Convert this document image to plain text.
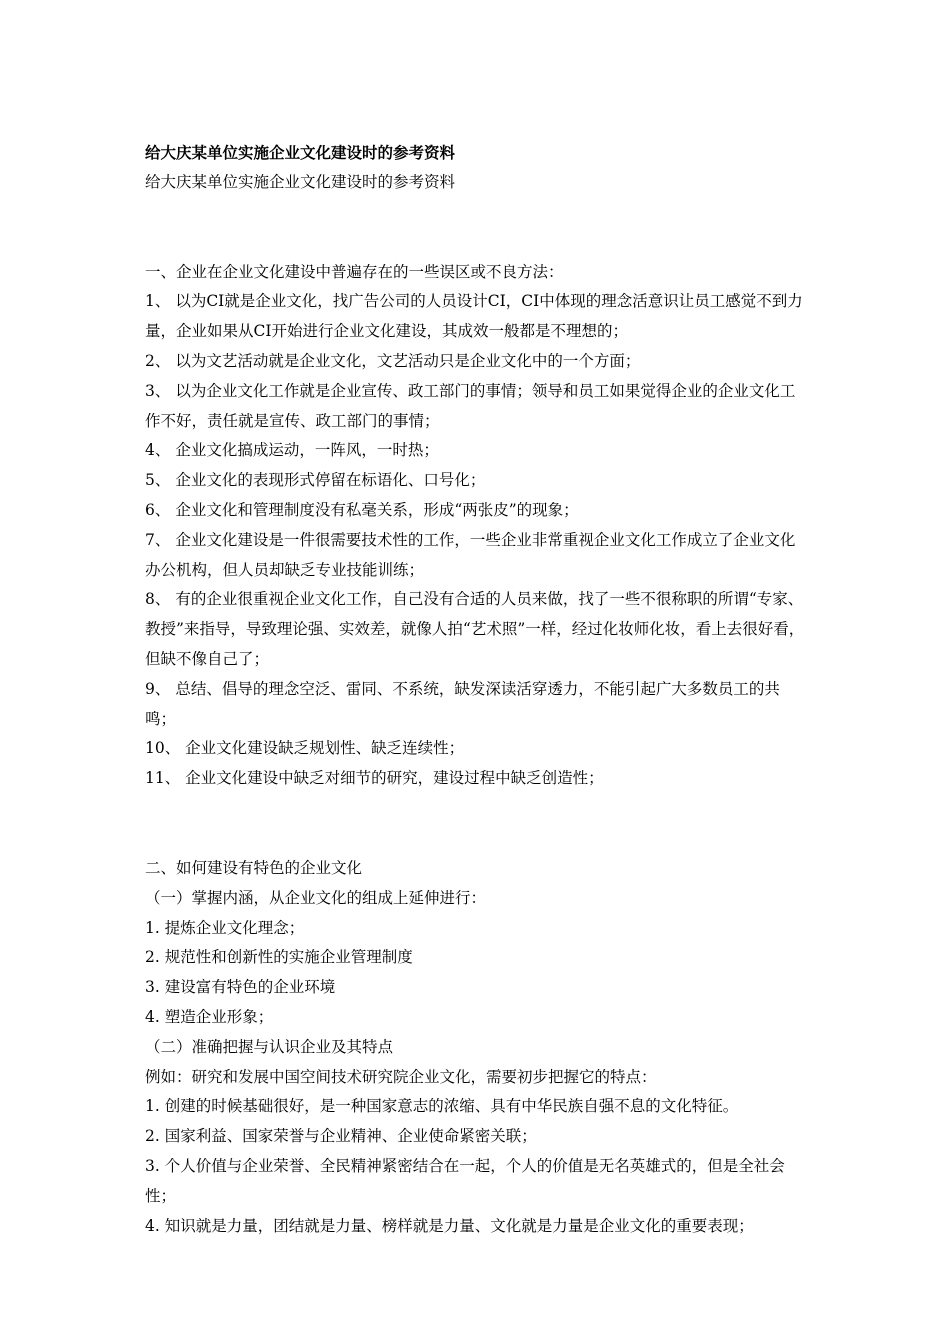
给大庆某单位实施企业文化建设时的参考资料

给大庆某单位实施企业文化建设时的参考资料

一、企业在企业文化建设中普遍存在的一些误区或不良方法：

1、 以为CI就是企业文化，找广告公司的人员设计CI，CI中体现的理念活意识让员工感觉不到力量，企业如果从CI开始进行企业文化建设，其成效一般都是不理想的；

2、 以为文艺活动就是企业文化，文艺活动只是企业文化中的一个方面；

3、 以为企业文化工作就是企业宣传、政工部门的事情；领导和员工如果觉得企业的企业文化工作不好，责任就是宣传、政工部门的事情；

4、 企业文化搞成运动，一阵风，一时热；

5、 企业文化的表现形式停留在标语化、口号化；

6、 企业文化和管理制度没有私毫关系，形成“两张皮”的现象；

7、 企业文化建设是一件很需要技术性的工作，一些企业非常重视企业文化工作成立了企业文化办公机构，但人员却缺乏专业技能训练；

8、 有的企业很重视企业文化工作，自己没有合适的人员来做，找了一些不很称职的所谓“专家、教授”来指导，导致理论强、实效差，就像人拍“艺术照”一样，经过化妆师化妆，看上去很好看，但缺不像自己了；

9、 总结、倡导的理念空泛、雷同、不系统，缺发深读活穿透力，不能引起广大多数员工的共鸣；

10、 企业文化建设缺乏规划性、缺乏连续性；

11、 企业文化建设中缺乏对细节的研究，建设过程中缺乏创造性；

二、如何建设有特色的企业文化

（一）掌握内涵，从企业文化的组成上延伸进行：

1. 提炼企业文化理念；

2. 规范性和创新性的实施企业管理制度

3. 建设富有特色的企业环境

4. 塑造企业形象；

（二）准确把握与认识企业及其特点

例如：研究和发展中国空间技术研究院企业文化，需要初步把握它的特点：

1. 创建的时候基础很好，是一种国家意志的浓缩、具有中华民族自强不息的文化特征。

2. 国家利益、国家荣誉与企业精神、企业使命紧密关联；

3. 个人价值与企业荣誉、全民精神紧密结合在一起，个人的价值是无名英雄式的，但是全社会性；

4. 知识就是力量，团结就是力量、榜样就是力量、文化就是力量是企业文化的重要表现；
